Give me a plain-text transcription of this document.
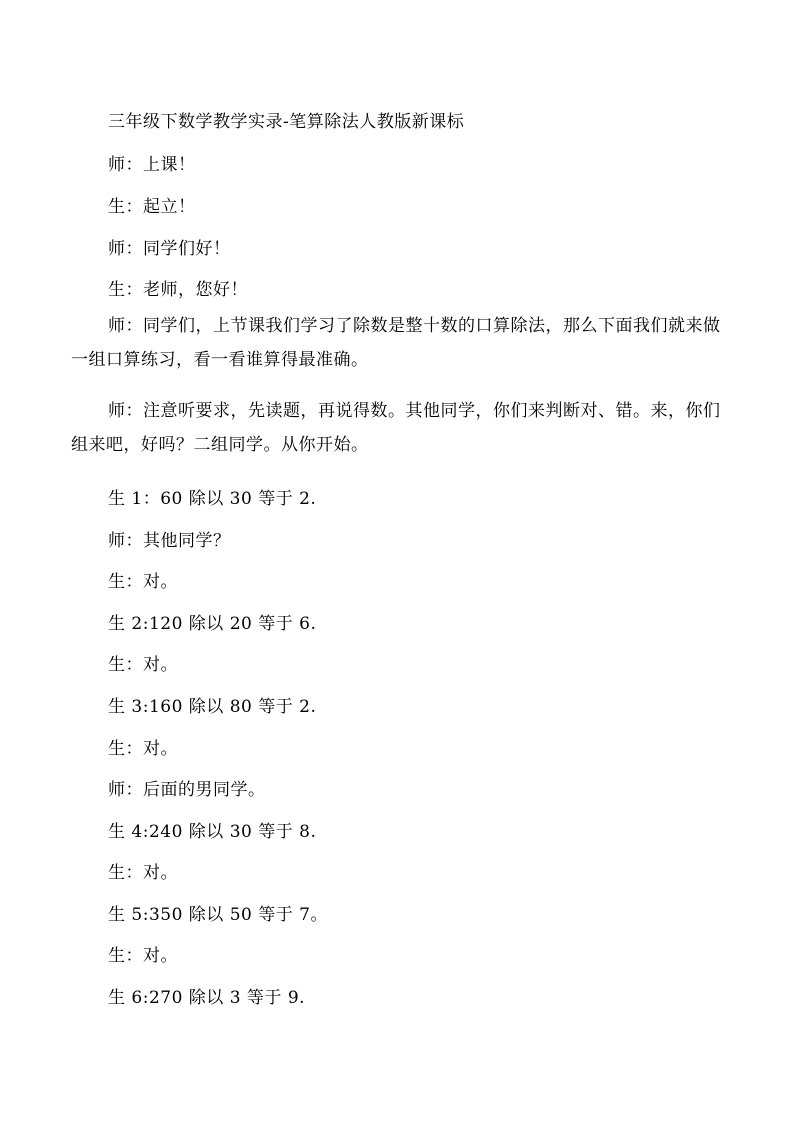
三年级下数学教学实录-笔算除法人教版新课标
师：上课！
生：起立！
师：同学们好！
生：老师，您好！
师：同学们，上节课我们学习了除数是整十数的口算除法，那么下面我们就来做一组口算练习，看一看谁算得最准确。
师：注意听要求，先读题，再说得数。其他同学，你们来判断对、错。来，你们组来吧，好吗？二组同学。从你开始。
生 1：60 除以 30 等于 2.
师：其他同学？
生：对。
生 2:120 除以 20 等于 6.
生：对。
生 3:160 除以 80 等于 2.
生：对。
师：后面的男同学。
生 4:240 除以 30 等于 8.
生：对。
生 5:350 除以 50 等于 7。
生：对。
生 6:270 除以 3 等于 9.
